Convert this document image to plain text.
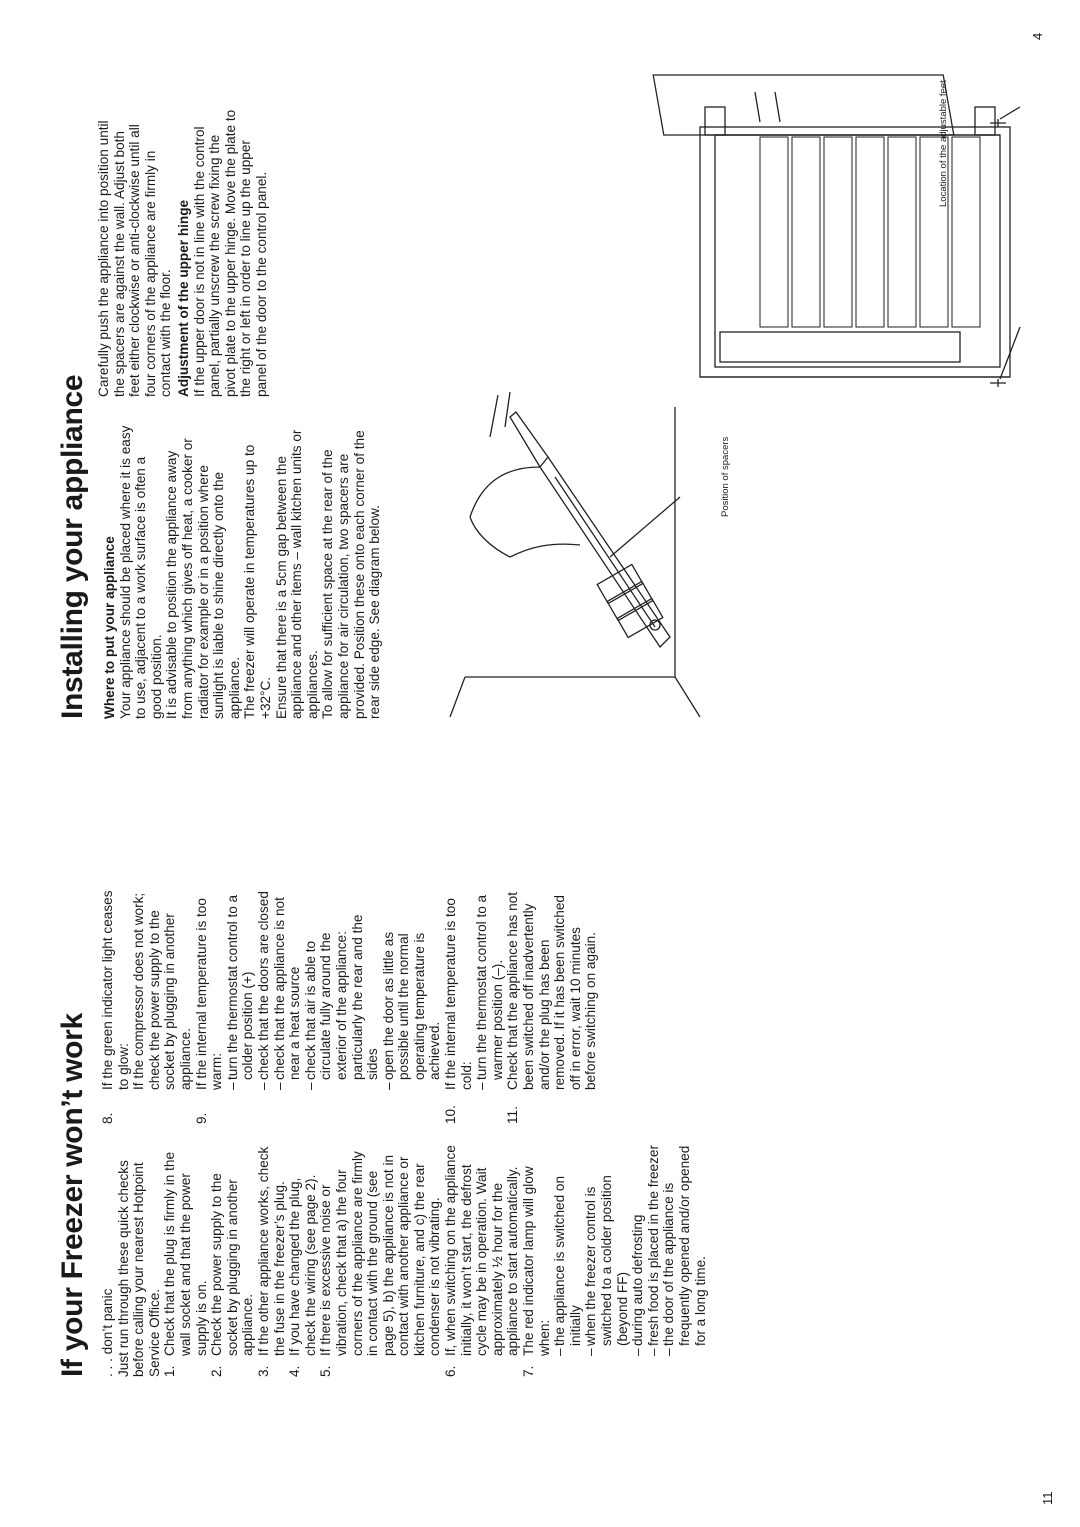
If your Freezer won’t work . . . don’t panic Just run through these quick checks before calling your nearest Hotpoint Service Office. 1.
Check that the plug is firmly in the wall socket and that the power supply is on.
2.
Check the power supply to the socket by plugging in another appliance.
3.
If the other appliance works, check the fuse in the freezer’s plug.
4.
If you have changed the plug, check the wiring (see page 2).
5.
If there is excessive noise or vibration, check that a) the four corners of the appliance are firmly in contact with the ground (see page 5), b) the appliance is not in contact with another appliance or kitchen furniture, and c) the rear condenser is not vibrating.
6.
If, when switching on the appliance initially, it won’t start, the defrost cycle may be in operation. Wait approximately ½ hour for the appliance to start automatically.
7.
The red indicator lamp will glow when: – the appliance is switched on initially – when the freezer control is switched to a colder position (beyond FF) – during auto defrosting – fresh food is placed in the freezer – the door of the appliance is frequently opened and/or opened for a long time.
8.
If the green indicator light ceases to glow: If the compressor does not work; check the power supply to the socket by plugging in another appliance.

9.
If the internal temperature is too warm: – turn the thermostat control to a colder position (+) – check that the doors are closed – check that the appliance is not near a heat source – check that air is able to circulate fully around the exterior of the appliance: particularly the rear and the sides – open the door as little as possible until the normal operating temperature is achieved.
10.
If the internal temperature is too cold: – turn the thermostat control to a warmer position (–).
11.
Check that the appliance has not been switched off inadvertently and/or the plug has been removed. If it has been switched off in error, wait 10 minutes before switching on again.
11
Installing your appliance Where to put your appliance Your appliance should be placed where it is easy to use, adjacent to a work surface is often a good position. It is advisable to position the appliance away from anything which gives off heat, a cooker or radiator for example or in a position where sunlight is liable to shine directly onto the appliance. The freezer will operate in temperatures up to +32°C. Ensure that there is a 5cm gap between the appliance and other items – wall kitchen units or appliances. To allow for sufficient space at the rear of the appliance for air circulation, two spacers are provided. Position these onto each corner of the rear side edge. See diagram below.

Carefully push the appliance into position until the spacers are against the wall. Adjust both feet either clockwise or anti-clockwise until all four corners of the appliance are firmly in contact with the floor. Adjustment of the upper hinge If the upper door is not in line with the control panel, partially unscrew the screw fixing the pivot plate to the upper hinge. Move the plate to the right or left in order to line up the upper panel of the door to the control panel.

Position of spacers
Location of the adjustable feet
4
